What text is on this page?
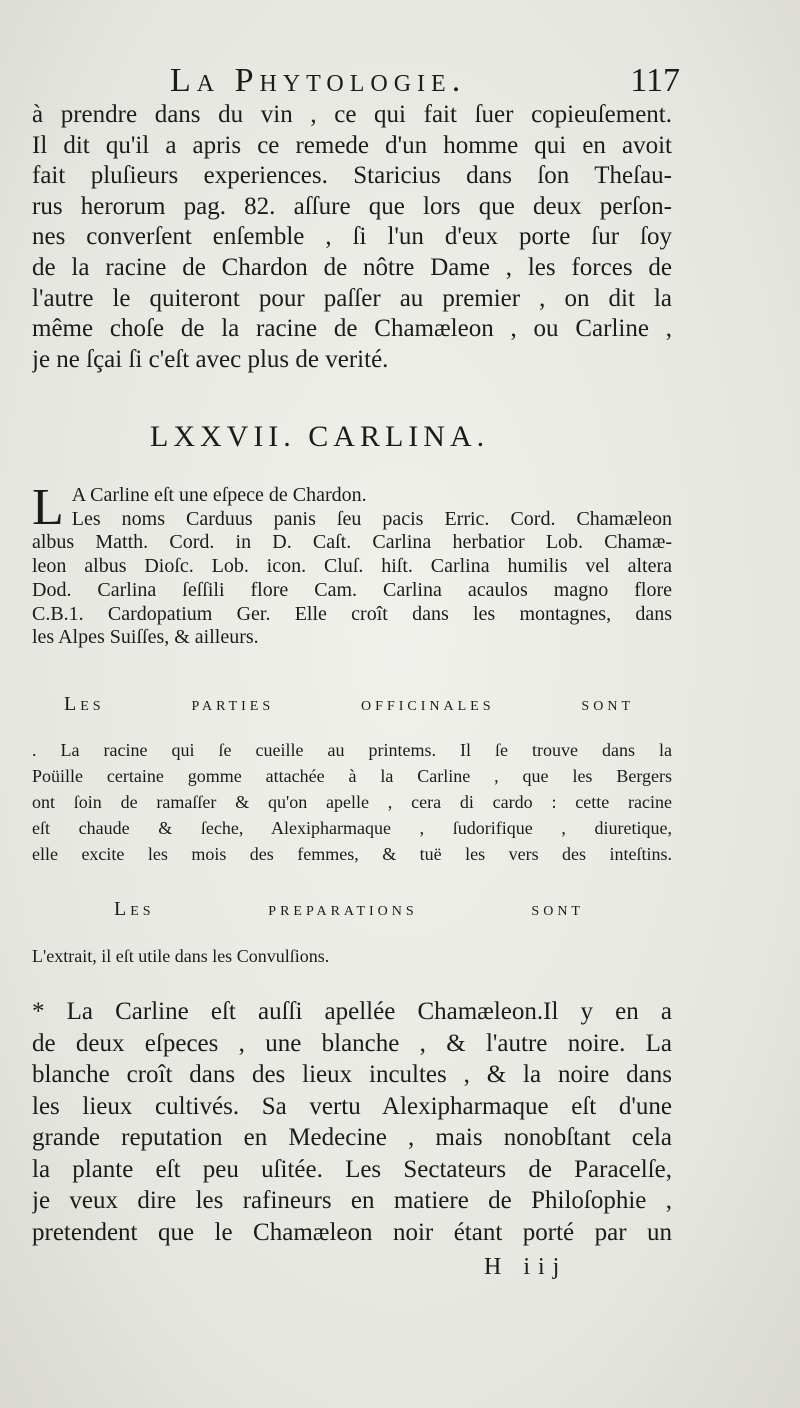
La Phytologie.	117
à prendre dans du vin , ce qui fait ſuer copieuſement.
Il dit qu'il a apris ce remede d'un homme qui en avoit
fait pluſieurs experiences. Staricius dans ſon Theſau-
rus herorum pag. 82. aſſure que lors que deux perſon-
nes converſent enſemble , ſi l'un d'eux porte ſur ſoy
de la racine de Chardon de nôtre Dame , les forces de
l'autre le quiteront pour paſſer au premier , on dit la
même choſe de la racine de Chamæleon , ou Carline ,
je ne ſçai ſi c'eſt avec plus de verité.
LXXVII. CARLINA.
L A Carline eſt une eſpece de Chardon.
Les noms Carduus panis ſeu pacis Erric. Cord. Chamæleon
albus Matth. Cord. in D. Caſt. Carlina herbatior Lob. Chamæ-
leon albus Dioſc. Lob. icon. Cluſ. hiſt. Carlina humilis vel altera
Dod. Carlina ſeſſili flore Cam. Carlina acaulos magno flore
C.B.1. Cardopatium Ger. Elle croît dans les montagnes, dans
les Alpes Suiſſes, & ailleurs.
Les parties officinales sont
. La racine qui ſe cueille au printems. Il ſe trouve dans la
Poüille certaine gomme attachée à la Carline , que les Bergers
ont ſoin de ramaſſer & qu'on apelle , cera di cardo : cette racine
eſt chaude & ſeche, Alexipharmaque , ſudorifique , diuretique,
elle excite les mois des femmes, & tuë les vers des inteſtins.
Les preparations sont
L'extrait, il eſt utile dans les Convulſions.
* La Carline eſt auſſi apellée Chamæleon.Il y en a
de deux eſpeces , une blanche , & l'autre noire. La
blanche croît dans des lieux incultes , & la noire dans
les lieux cultivés. Sa vertu Alexipharmaque eſt d'une
grande reputation en Medecine , mais nonobſtant cela
la plante eſt peu uſitée. Les Sectateurs de Paracelſe,
je veux dire les rafineurs en matiere de Philoſophie ,
pretendent que le Chamæleon noir étant porté par un
H iij
